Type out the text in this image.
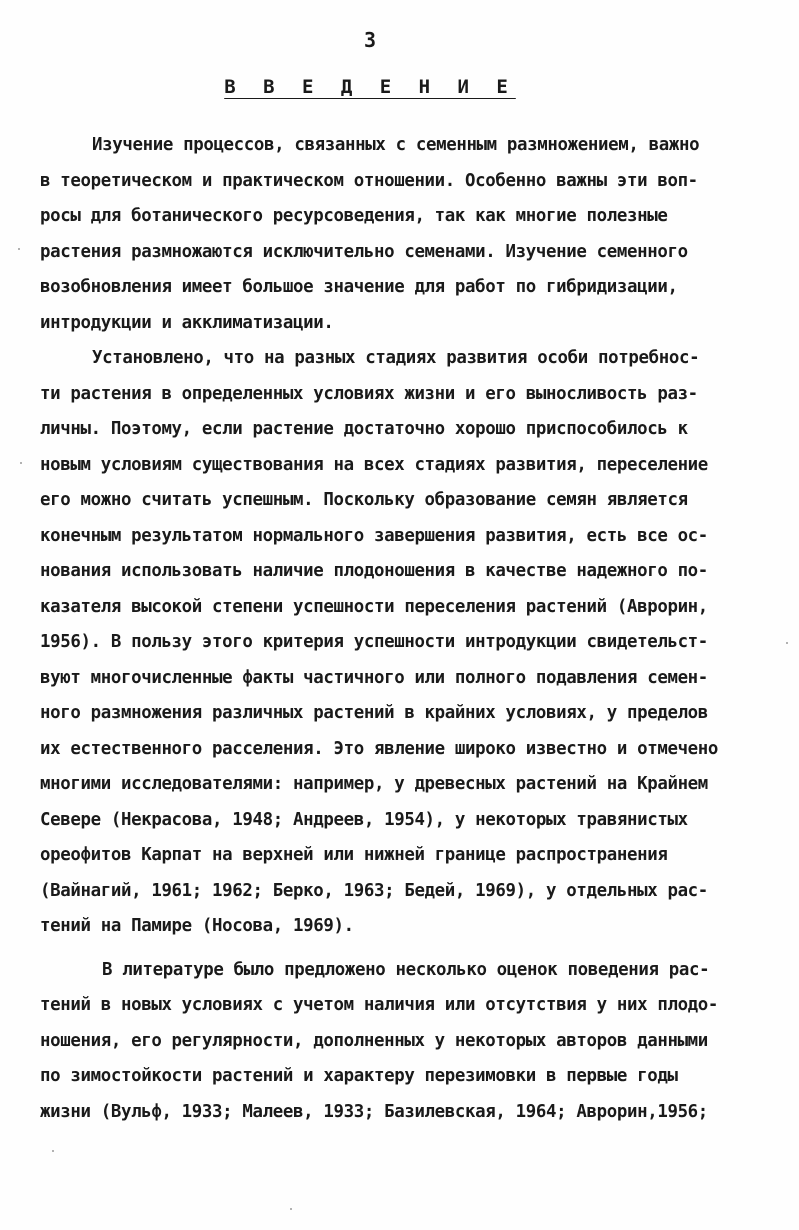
3
В В Е Д Е Н И Е
Изучение процессов, связанных с семенным размножением, важно
в теоретическом и практическом отношении. Особенно важны эти воп-
росы для ботанического ресурсоведения, так как многие полезные
растения размножаются исключительно семенами. Изучение семенного
возобновления имеет большое значение для работ по гибридизации,
интродукции и акклиматизации.
Установлено, что на разных стадиях развития особи потребнос-
ти растения в определенных условиях жизни и его выносливость раз-
личны. Поэтому, если растение достаточно хорошо приспособилось к
новым условиям существования на всех стадиях развития, переселение
его можно считать успешным. Поскольку образование семян является
конечным результатом нормального завершения развития, есть все ос-
нования использовать наличие плодоношения в качестве надежного по-
казателя высокой степени успешности переселения растений (Аврорин,
1956). В пользу этого критерия успешности интродукции свидетельст-
вуют многочисленные факты частичного или полного подавления семен-
ного размножения различных растений в крайних условиях, у пределов
их естественного расселения. Это явление широко известно и отмечено
многими исследователями: например, у древесных растений на Крайнем
Севере (Некрасова, 1948; Андреев, 1954), у некоторых травянистых
ореофитов Карпат на верхней или нижней границе распространения
(Вайнагий, 1961; 1962; Берко, 1963; Бедей, 1969), у отдельных рас-
тений на Памире (Носова, 1969).
В литературе было предложено несколько оценок поведения рас-
тений в новых условиях с учетом наличия или отсутствия у них плодо-
ношения, его регулярности, дополненных у некоторых авторов данными
по зимостойкости растений и характеру перезимовки в первые годы
жизни (Вульф, 1933; Малеев, 1933; Базилевская, 1964; Аврорин,1956;
